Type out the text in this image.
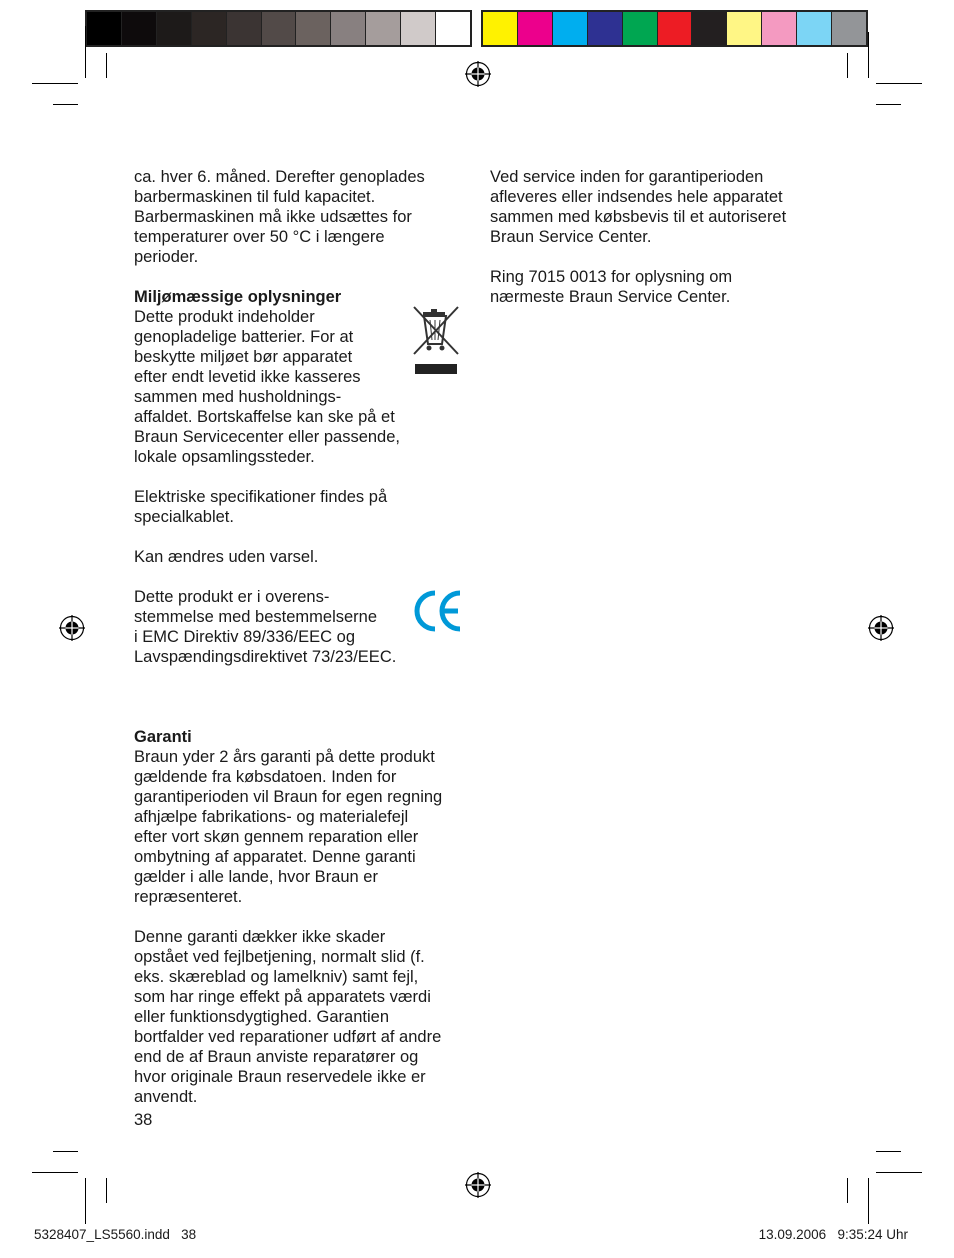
ca. hver 6. måned. Derefter genoplades
barbermaskinen til fuld kapacitet.
Barbermaskinen må ikke udsættes for
temperaturer over 50 °C i længere
perioder.

Miljømæssige oplysninger

Dette produkt indeholder
genopladelige batterier. For at
beskytte miljøet bør apparatet
efter endt levetid ikke kasseres
sammen med husholdnings-
affaldet. Bortskaffelse kan ske på et
Braun Servicecenter eller passende,
lokale opsamlingssteder.

Elektriske specifikationer findes på
specialkablet.

Kan ændres uden varsel.

Dette produkt er i overens-
stemmelse med bestemmelserne
i EMC Direktiv 89/336/EEC og
Lavspændingsdirektivet 73/23/EEC.

Garanti

Braun yder 2 års garanti på dette produkt
gældende fra købsdatoen. Inden for
garantiperioden vil Braun for egen regning
afhjælpe fabrikations- og materialefejl
efter vort skøn gennem reparation eller
ombytning af apparatet. Denne garanti
gælder i alle lande, hvor Braun er
repræsenteret.

Denne garanti dækker ikke skader
opstået ved fejlbetjening, normalt slid (f.
eks. skæreblad og lamelkniv) samt fejl,
som har ringe effekt på apparatets værdi
eller funktionsdygtighed. Garantien
bortfalder ved reparationer udført af andre
end de af Braun anviste reparatører og
hvor originale Braun reservedele ikke er
anvendt.

Ved service inden for garantiperioden
afleveres eller indsendes hele apparatet
sammen med købsbevis til et autoriseret
Braun Service Center.

Ring 7015 0013 for oplysning om
nærmeste Braun Service Center.

38
5328407_LS5560.indd   38	13.09.2006   9:35:24 Uhr
